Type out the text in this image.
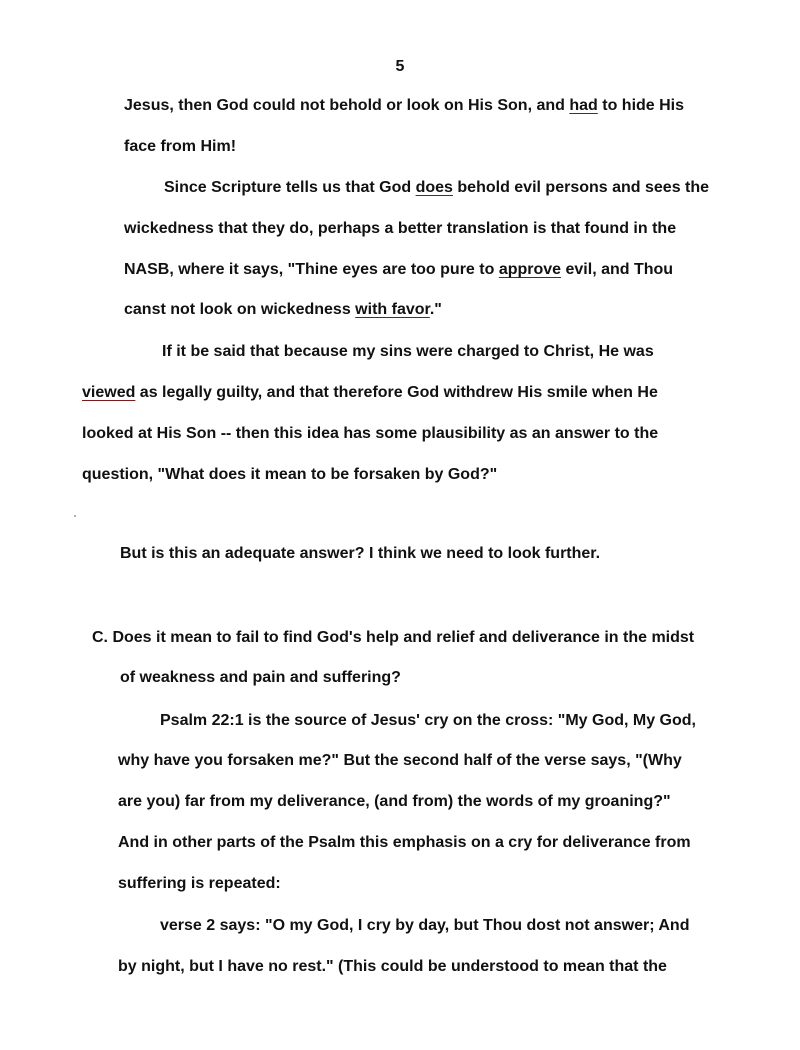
5
Jesus, then God could not behold or look on His Son, and had to hide His
face from Him!
Since Scripture tells us that God does behold evil persons and sees the
wickedness that they do, perhaps a better translation is that found in the
NASB, where it says, "Thine eyes are too pure to approve evil, and Thou
canst not look on wickedness with favor."
If it be said that because my sins were charged to Christ, He was
viewed as legally guilty, and that therefore God withdrew His smile when He
looked at His Son -- then this idea has some plausibility as an answer to the
question, "What does it mean to be forsaken by God?"
But is this an adequate answer? I think we need to look further.
C. Does it mean to fail to find God's help and relief and deliverance in the midst
of weakness and pain and suffering?
Psalm 22:1 is the source of Jesus' cry on the cross: "My God, My God,
why have you forsaken me?" But the second half of the verse says, "(Why
are you) far from my deliverance, (and from) the words of my groaning?"
And in other parts of the Psalm this emphasis on a cry for deliverance from
suffering is repeated:
verse 2 says: "O my God, I cry by day, but Thou dost not answer; And
by night, but I have no rest." (This could be understood to mean that the
